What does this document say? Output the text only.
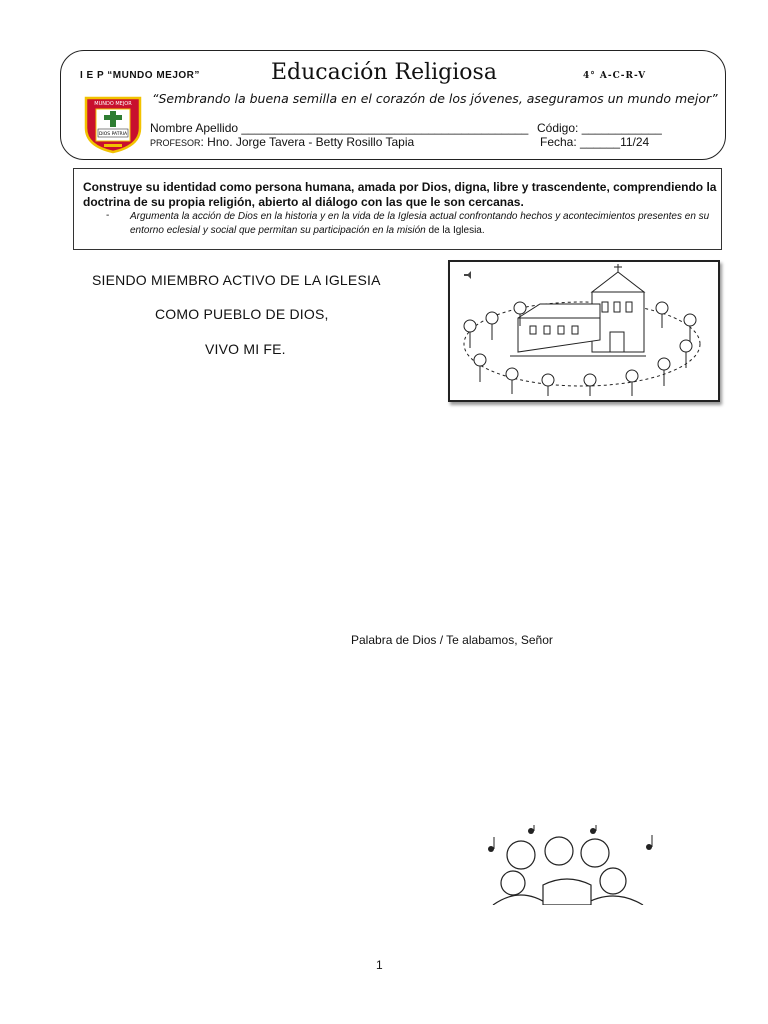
I E P “MUNDO MEJOR”	Educación Religiosa	4° A-C-R-V
“Sembrando la buena semilla en el corazón de los jóvenes, aseguramos un mundo mejor”
MUNDO MEJOR
DIOS PATRIA Nombre Apellido ___________________________________________ Código: ____________
PROFESOR: Hno. Jorge Tavera - Betty Rosillo Tapia	Fecha: ______11/24
Construye su identidad como persona humana, amada por Dios, digna, libre y trascendente, comprendiendo la doctrina de su propia religión, abierto al diálogo con las que le son cercanas.
- Argumenta la acción de Dios en la historia y en la vida de la Iglesia actual confrontando hechos y acontecimientos presentes en su entorno eclesial y social que permitan su participación en la misión de la Iglesia.
SIENDO MIEMBRO ACTIVO DE LA IGLESIA
COMO PUEBLO DE DIOS,
VIVO MI FE.
Palabra de Dios / Te alabamos, Señor
1
